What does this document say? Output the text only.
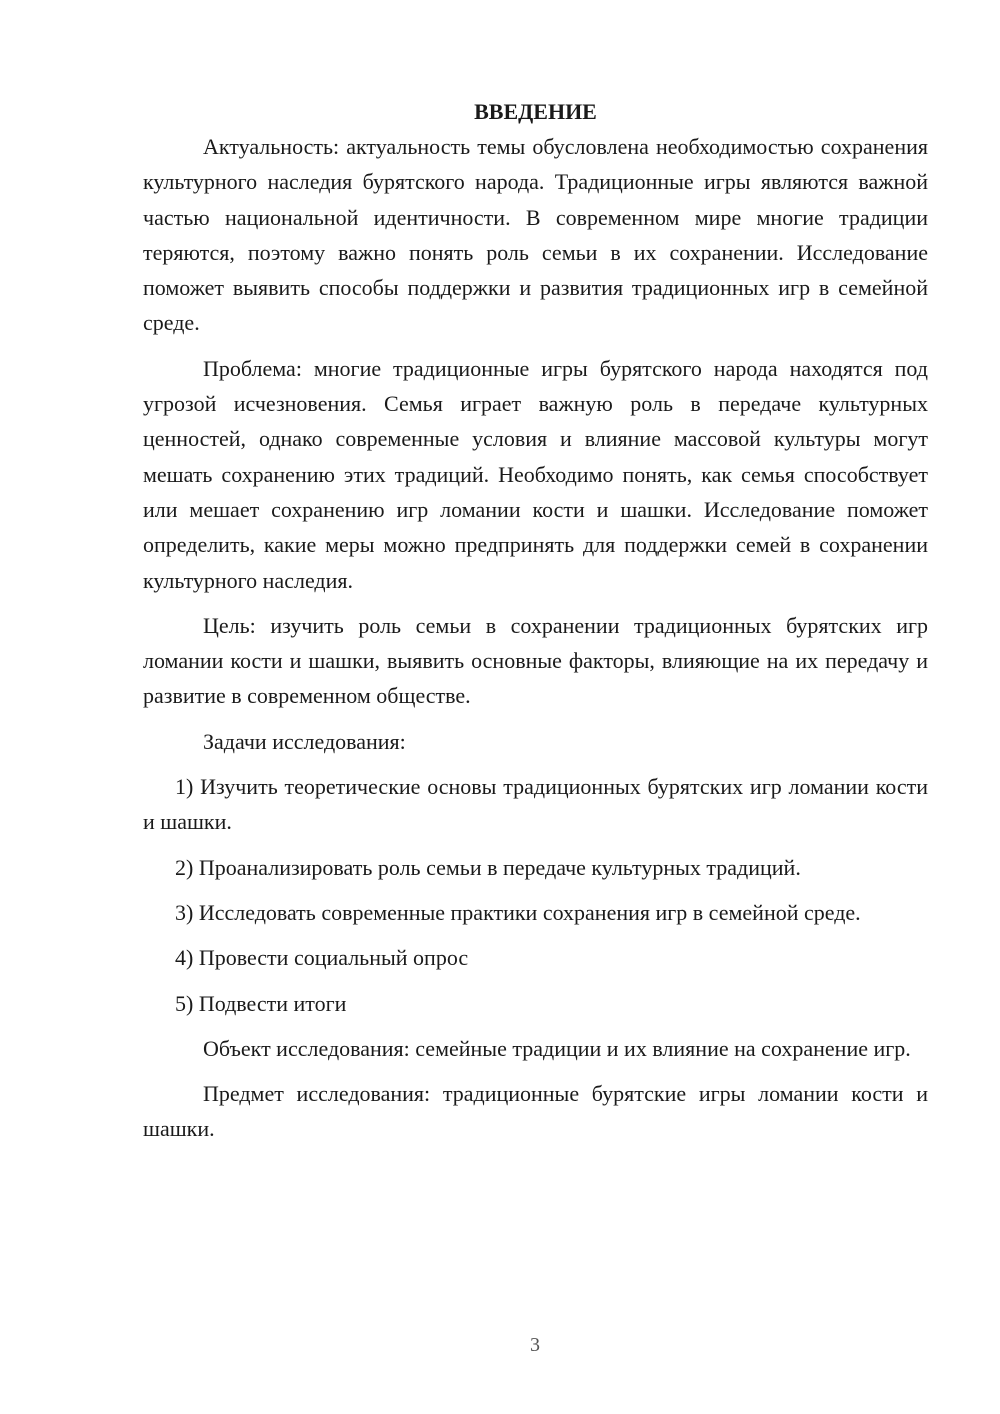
ВВЕДЕНИЕ

Актуальность: актуальность темы обусловлена необходимостью сохранения культурного наследия бурятского народа. Традиционные игры являются важной частью национальной идентичности. В современном мире многие традиции теряются, поэтому важно понять роль семьи в их сохранении. Исследование поможет выявить способы поддержки и развития традиционных игр в семейной среде.

Проблема: многие традиционные игры бурятского народа находятся под угрозой исчезновения. Семья играет важную роль в передаче культурных ценностей, однако современные условия и влияние массовой культуры могут мешать сохранению этих традиций. Необходимо понять, как семья способствует или мешает сохранению игр ломании кости и шашки. Исследование поможет определить, какие меры можно предпринять для поддержки семей в сохранении культурного наследия.

Цель: изучить роль семьи в сохранении традиционных бурятских игр ломании кости и шашки, выявить основные факторы, влияющие на их передачу и развитие в современном обществе.

Задачи исследования:

1) Изучить теоретические основы традиционных бурятских игр ломании кости и шашки.

2) Проанализировать роль семьи в передаче культурных традиций.

3) Исследовать современные практики сохранения игр в семейной среде.

4) Провести социальный опрос

5) Подвести итоги

Объект исследования: семейные традиции и их влияние на сохранение игр.

Предмет исследования: традиционные бурятские игры ломании кости и шашки.

3
